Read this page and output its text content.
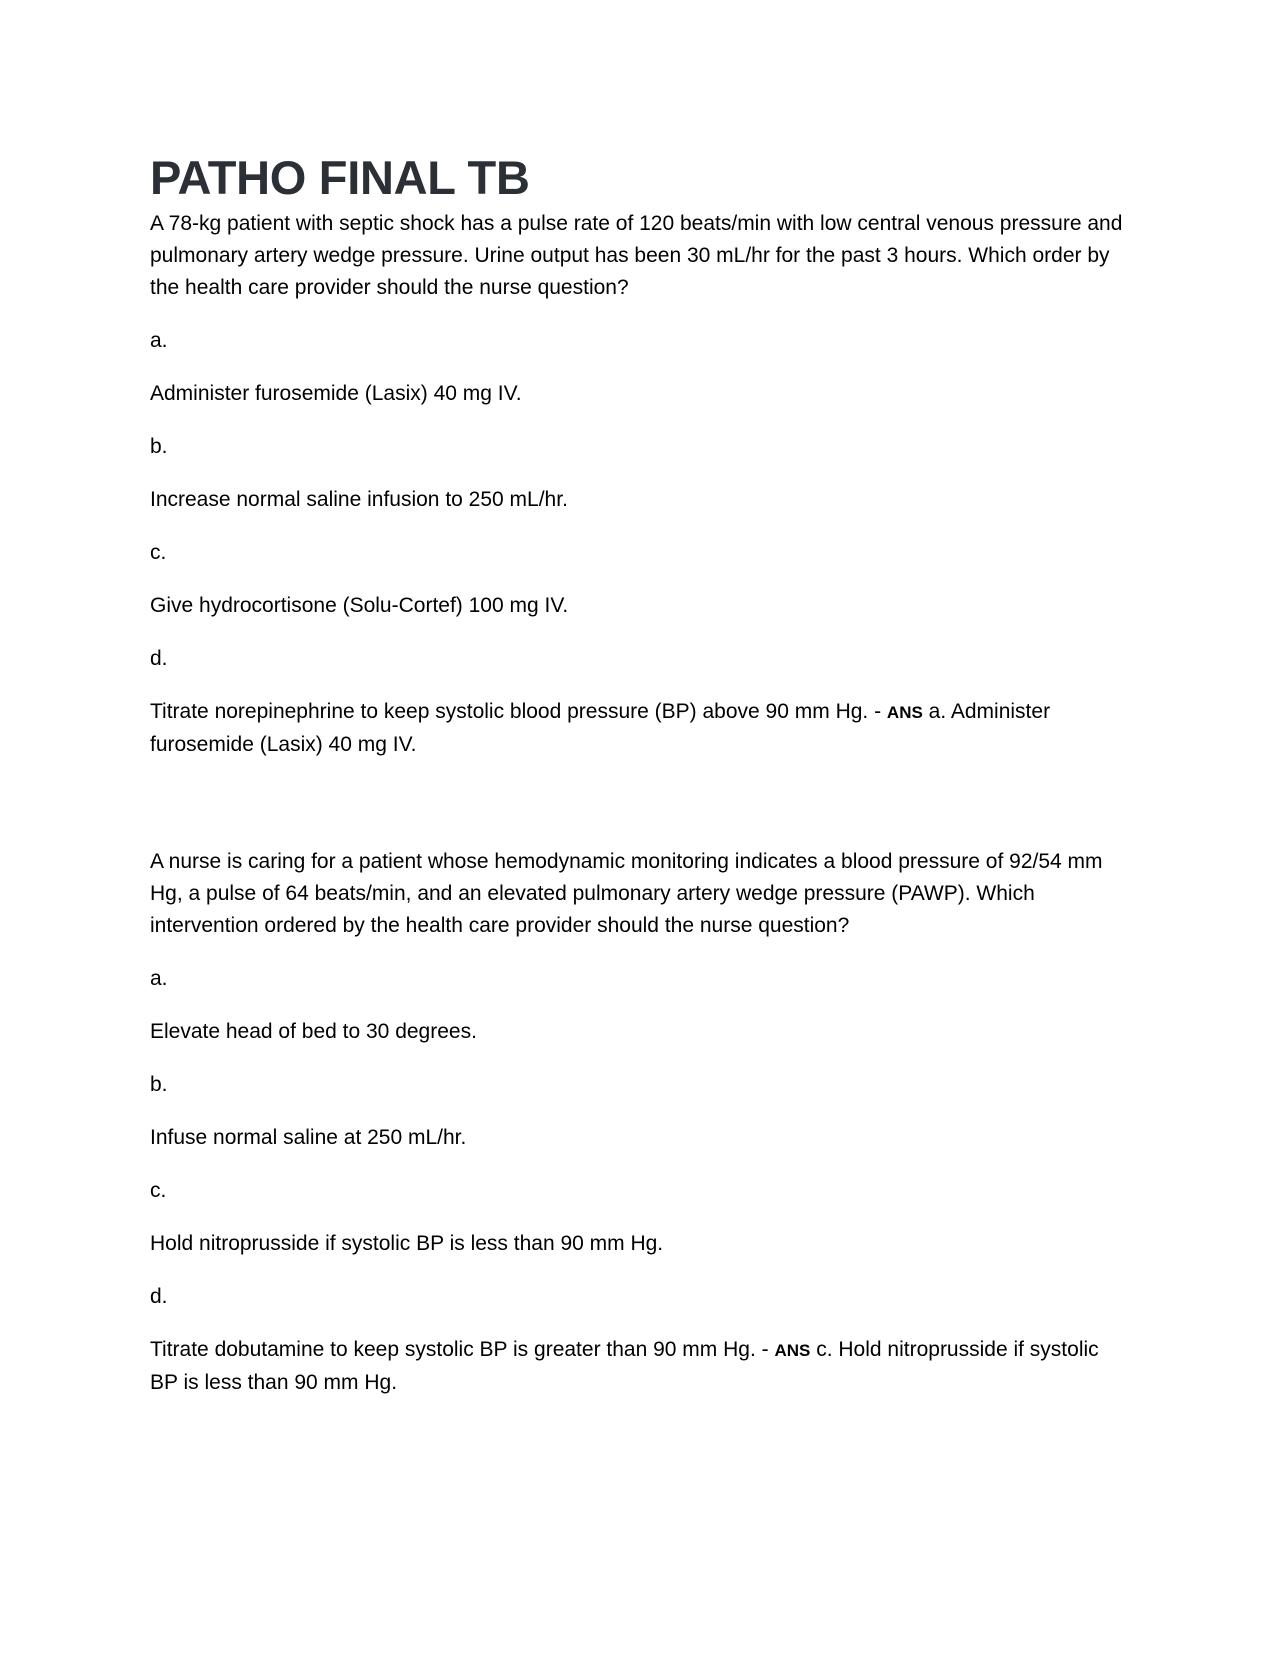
PATHO FINAL TB

A 78-kg patient with septic shock has a pulse rate of 120 beats/min with low central venous pressure and pulmonary artery wedge pressure. Urine output has been 30 mL/hr for the past 3 hours. Which order by the health care provider should the nurse question?

a.

Administer furosemide (Lasix) 40 mg IV.

b.

Increase normal saline infusion to 250 mL/hr.

c.

Give hydrocortisone (Solu-Cortef) 100 mg IV.

d.

Titrate norepinephrine to keep systolic blood pressure (BP) above 90 mm Hg. - ANS a. Administer furosemide (Lasix) 40 mg IV.

A nurse is caring for a patient whose hemodynamic monitoring indicates a blood pressure of 92/54 mm Hg, a pulse of 64 beats/min, and an elevated pulmonary artery wedge pressure (PAWP). Which intervention ordered by the health care provider should the nurse question?

a.

Elevate head of bed to 30 degrees.

b.

Infuse normal saline at 250 mL/hr.

c.

Hold nitroprusside if systolic BP is less than 90 mm Hg.

d.

Titrate dobutamine to keep systolic BP is greater than 90 mm Hg. - ANS c. Hold nitroprusside if systolic BP is less than 90 mm Hg.
